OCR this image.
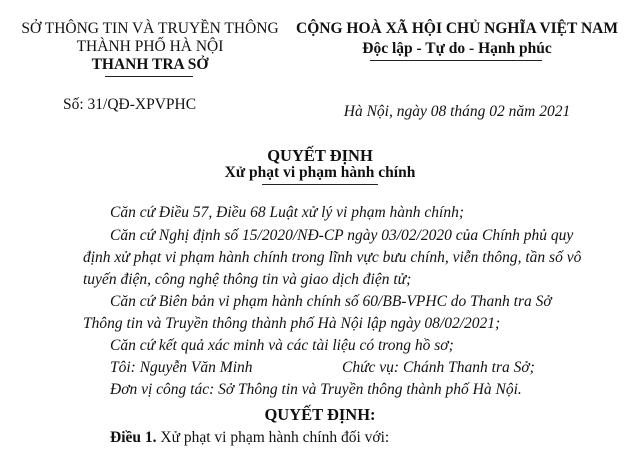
SỞ THÔNG TIN VÀ TRUYỀN THÔNG
THÀNH PHỐ HÀ NỘI
THANH TRA SỞ
Số: 31/QĐ-XPVPHC
CỘNG HOÀ XÃ HỘI CHỦ NGHĨA VIỆT NAM
Độc lập - Tự do - Hạnh phúc
Hà Nội, ngày 08 tháng 02 năm 2021
QUYẾT ĐỊNH
Xử phạt vi phạm hành chính
Căn cứ Điều 57, Điều 68 Luật xử lý vi phạm hành chính;
Căn cứ Nghị định số 15/2020/NĐ-CP ngày 03/02/2020 của Chính phủ quy
định xử phạt vi phạm hành chính trong lĩnh vực bưu chính, viễn thông, tần số vô
tuyến điện, công nghệ thông tin và giao dịch điện tử;
Căn cứ Biên bản vi phạm hành chính số 60/BB-VPHC do Thanh tra Sở
Thông tin và Truyền thông thành phố Hà Nội lập ngày 08/02/2021;
Căn cứ kết quả xác minh và các tài liệu có trong hồ sơ;
Tôi: Nguyễn Văn Minh	Chức vụ: Chánh Thanh tra Sở;
Đơn vị công tác: Sở Thông tin và Truyền thông thành phố Hà Nội.
QUYẾT ĐỊNH:
Điều 1. Xử phạt vi phạm hành chính đối với:
